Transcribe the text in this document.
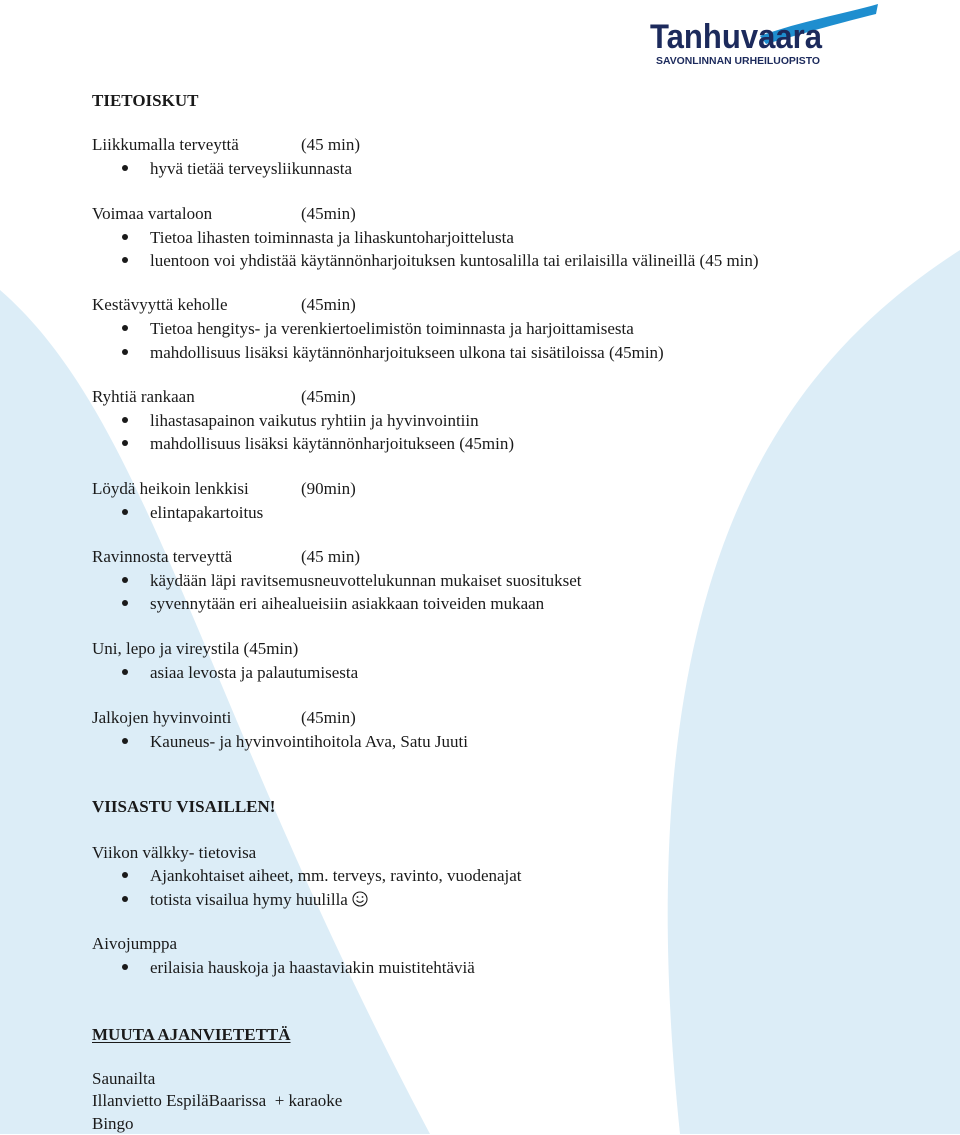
Tanhuvaara
SAVONLINNAN URHEILUOPISTO
TIETOISKUT
Liikkumalla terveyttä	(45 min)
hyvä tietää terveysliikunnasta
Voimaa vartaloon	(45min)
Tietoa lihasten toiminnasta ja lihaskuntoharjoittelusta
luentoon voi yhdistää käytännönharjoituksen kuntosalilla tai erilaisilla välineillä (45 min)
Kestävyyttä keholle	(45min)
Tietoa hengitys- ja verenkiertoelimistön toiminnasta ja harjoittamisesta
mahdollisuus lisäksi käytännönharjoitukseen ulkona tai sisätiloissa (45min)
Ryhtiä rankaan	(45min)
lihastasapainon vaikutus ryhtiin ja hyvinvointiin
mahdollisuus lisäksi käytännönharjoitukseen (45min)
Löydä heikoin lenkkisi	(90min)
elintapakartoitus
Ravinnosta terveyttä	(45 min)
käydään läpi ravitsemusneuvottelukunnan mukaiset suositukset
syvennytään eri aihealueisiin asiakkaan toiveiden mukaan
Uni, lepo ja vireystila (45min)
asiaa levosta ja palautumisesta
Jalkojen hyvinvointi	(45min)
Kauneus- ja hyvinvointihoitola Ava, Satu Juuti
VIISASTU VISAILLEN!
Viikon välkky- tietovisa
Ajankohtaiset aiheet, mm. terveys, ravinto, vuodenajat
totista visailua hymy huulilla
Aivojumppa
erilaisia hauskoja ja haastaviakin muistitehtäviä
MUUTA AJANVIETETTÄ
Saunailta
Illanvietto EspiläBaarissa  + karaoke
Bingo
